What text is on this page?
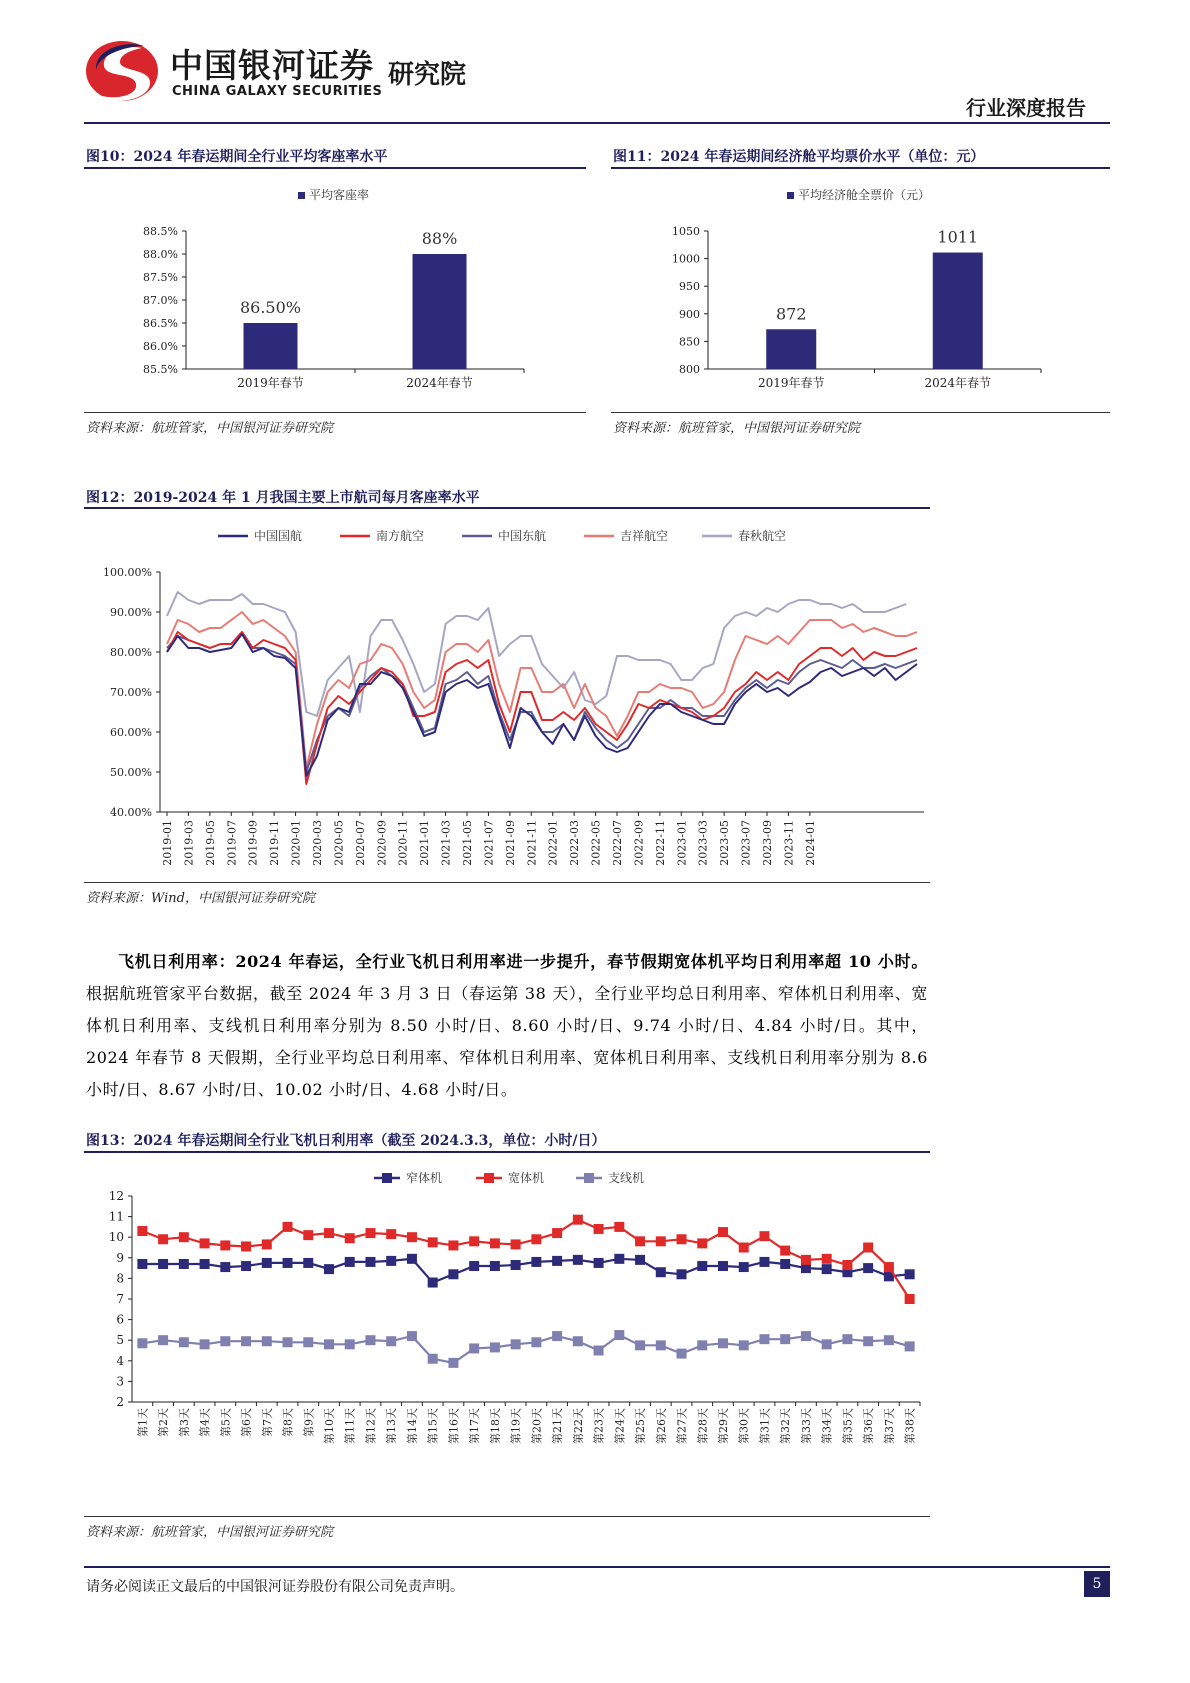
中国银河证券
CHINA GALAXY SECURITIES
研究院
行业深度报告
图10：2024 年春运期间全行业平均客座率水平
平均客座率
85.5%
86.0%
86.5%
87.0%
87.5%
88.0%
88.5%
86.50%
2019年春节
88%
2024年春节
资料来源：航班管家，中国银河证券研究院
图11：2024 年春运期间经济舱平均票价水平（单位：元）
平均经济舱全票价（元）
800
850
900
950
1000
1050
872
2019年春节
1011
2024年春节
资料来源：航班管家，中国银河证券研究院
图12：2019-2024 年 1 月我国主要上市航司每月客座率水平
中国国航	南方航空	中国东航	吉祥航空	春秋航空
40.00%
50.00%
60.00%
70.00%
80.00%
90.00%
100.00%
2019-01 2019-03 2019-05 2019-07 2019-09 2019-11 2020-01 2020-03 2020-05 2020-07 2020-09 2020-11 2021-01 2021-03 2021-05 2021-07 2021-09 2021-11 2022-01 2022-03 2022-05 2022-07 2022-09 2022-11 2023-01 2023-03 2023-05 2023-07 2023-09 2023-11 2024-01
资料来源：Wind，中国银河证券研究院
飞机日利用率：2024 年春运，全行业飞机日利用率进一步提升，春节假期宽体机平均日利用率超 10 小时。根据航班管家平台数据，截至 2024 年 3 月 3 日（春运第 38 天），全行业平均总日利用率、窄体机日利用率、宽体机日利用率、支线机日利用率分别为 8.50 小时/日、8.60 小时/日、9.74 小时/日、4.84 小时/日。其中，2024 年春节 8 天假期，全行业平均总日利用率、窄体机日利用率、宽体机日利用率、支线机日利用率分别为 8.6 小时/日、8.67 小时/日、10.02 小时/日、4.68 小时/日。
图13：2024 年春运期间全行业飞机日利用率（截至 2024.3.3，单位：小时/日）
窄体机	宽体机	支线机
2
3
4
5
6
7
8
9
10
11
12
第1天 第2天 第3天 第4天 第5天 第6天 第7天 第8天 第9天 第10天 第11天 第12天 第13天 第14天 第15天 第16天 第17天 第18天 第19天 第20天 第21天 第22天 第23天 第24天 第25天 第26天 第27天 第28天 第29天 第30天 第31天 第32天 第33天 第34天 第35天 第36天 第37天 第38天
资料来源：航班管家，中国银河证券研究院
请务必阅读正文最后的中国银河证券股份有限公司免责声明。	5
